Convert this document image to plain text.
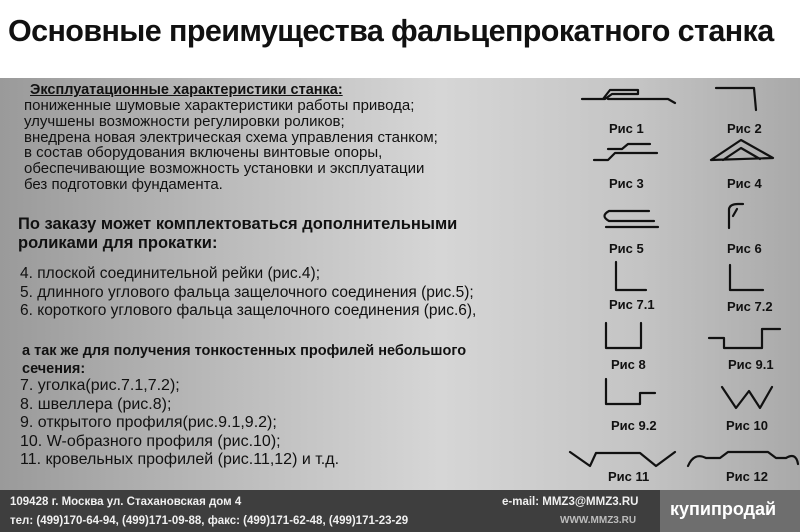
Основные преимущества фальцепрокатного станка
Эксплуатационные характеристики станка:
пониженные шумовые характеристики работы привода;
улучшены возможности регулировки роликов;
внедрена новая электрическая схема управления станком;
в состав оборудования включены винтовые опоры,
обеспечивающие возможность установки и эксплуатации
без подготовки фундамента.
По заказу может комплектоваться дополнительными
роликами для прокатки:
4. плоской соединительной рейки (рис.4);
5. длинного углового фальца защелочного соединения (рис.5);
6. короткого углового фальца защелочного соединения (рис.6),
а так же для получения тонкостенных профилей небольшого
сечения:
7. уголка(рис.7.1,7.2);
8. швеллера (рис.8);
9. открытого профиля(рис.9.1,9.2);
10. W-образного профиля (рис.10);
11. кровельных профилей (рис.11,12) и т.д.
Рис 1	Рис 2
Рис 3	Рис 4
Рис 5	Рис 6
Рис 7.1	Рис 7.2
Рис 8	Рис 9.1
Рис 9.2	Рис 10
Рис 11	Рис 12
109428 г. Москва ул. Стахановская дом 4	e-mail: MMZ3@MMZ3.RU
тел: (499)170-64-94, (499)171-09-88, факс: (499)171-62-48, (499)171-23-29	WWW.MMZ3.RU
купипродай
